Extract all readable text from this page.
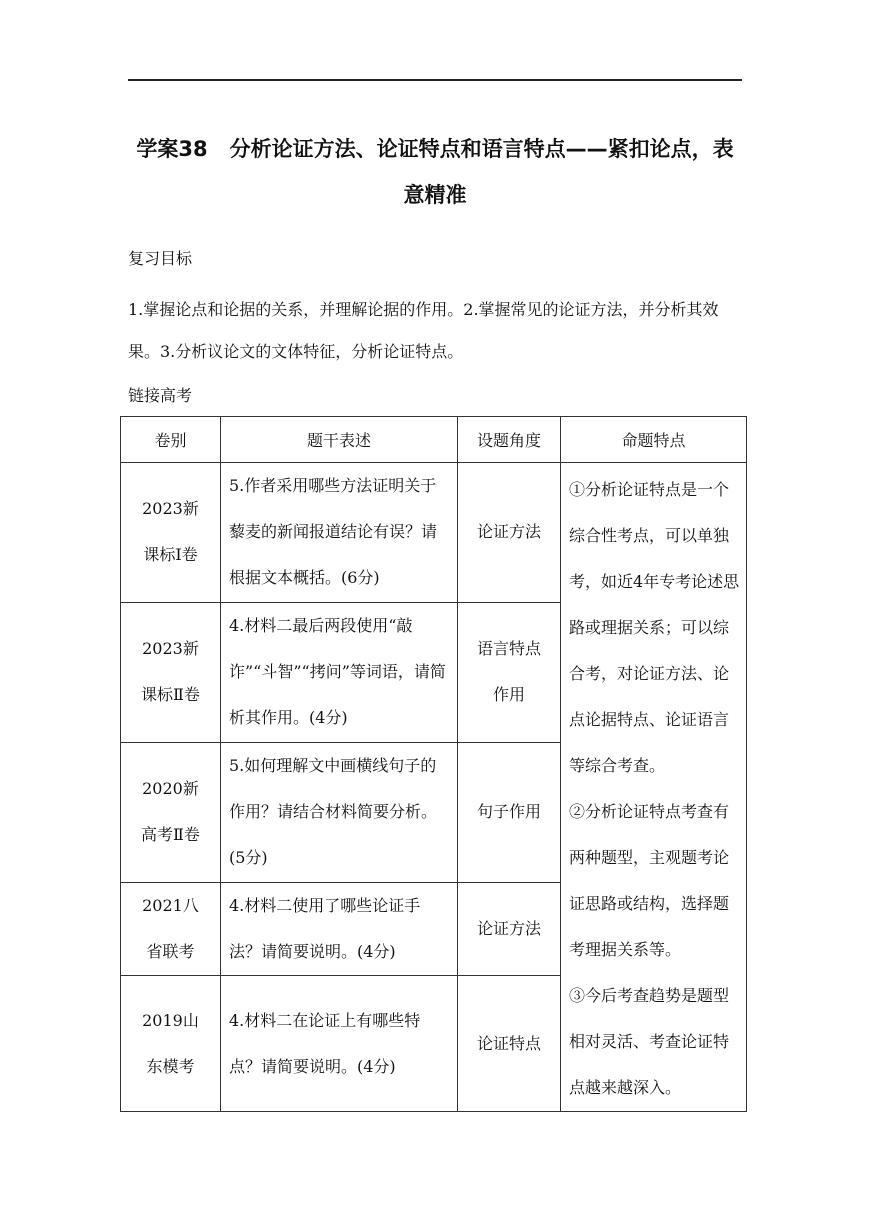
学案38 分析论证方法、论证特点和语言特点——紧扣论点，表
意精准
复习目标
1.掌握论点和论据的关系，并理解论据的作用。2.掌握常见的论证方法，并分析其效果。3.分析议论文的文体特征，分析论证特点。
链接高考
卷别	题干表述	设题角度	命题特点
2023新课标Ⅰ卷	5.作者采用哪些方法证明关于藜麦的新闻报道结论有误？请根据文本概括。(6分)	论证方法	①分析论证特点是一个综合性考点，可以单独考，如近4年专考论述思路或理据关系；可以综合考，对论证方法、论点论据特点、论证语言等综合考查。
②分析论证特点考查有两种题型，主观题考论证思路或结构，选择题考理据关系等。
③今后考查趋势是题型相对灵活、考查论证特点越来越深入。

2023新课标Ⅱ卷	4.材料二最后两段使用“敲诈”“斗智”“拷问”等词语，请简析其作用。(4分)	语言特点作用	
2020新高考Ⅱ卷	5.如何理解文中画横线句子的作用？请结合材料简要分析。(5分)	句子作用	
2021八省联考	4.材料二使用了哪些论证手法？请简要说明。(4分)	论证方法	
2019山东模考	4.材料二在论证上有哪些特点？请简要说明。(4分)	论证特点	
